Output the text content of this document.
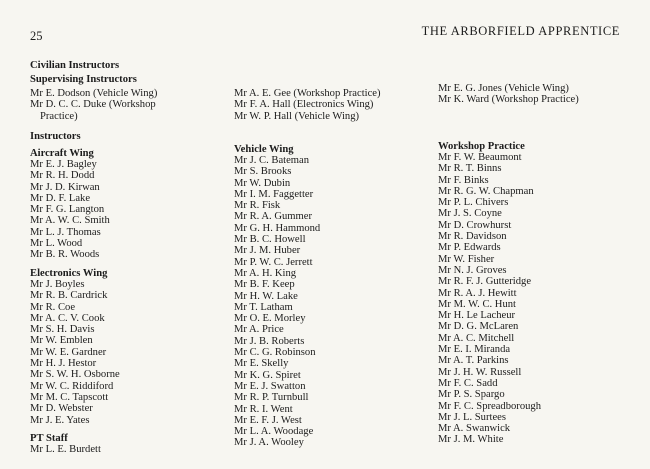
25	THE ARBORFIELD APPRENTICE
Civilian Instructors
Supervising Instructors
Mr E. Dodson (Vehicle Wing)
Mr D. C. C. Duke (Workshop
Practice)
Mr A. E. Gee (Workshop Practice)
Mr F. A. Hall (Electronics Wing)
Mr W. P. Hall (Vehicle Wing)
Mr E. G. Jones (Vehicle Wing)
Mr K. Ward (Workshop Practice)
Instructors
Aircraft Wing
Mr E. J. Bagley
Mr R. H. Dodd
Mr J. D. Kirwan
Mr D. F. Lake
Mr F. G. Langton
Mr A. W. C. Smith
Mr L. J. Thomas
Mr L. Wood
Mr B. R. Woods
Electronics Wing
Mr J. Boyles
Mr R. B. Cardrick
Mr R. Coe
Mr A. C. V. Cook
Mr S. H. Davis
Mr W. Emblen
Mr W. E. Gardner
Mr H. J. Hestor
Mr S. W. H. Osborne
Mr W. C. Riddiford
Mr M. C. Tapscott
Mr D. Webster
Mr J. E. Yates
PT Staff
Mr L. E. Burdett
Vehicle Wing
Mr J. C. Bateman
Mr S. Brooks
Mr W. Dubin
Mr I. M. Faggetter
Mr R. Fisk
Mr R. A. Gummer
Mr G. H. Hammond
Mr B. C. Howell
Mr J. M. Huber
Mr P. W. C. Jerrett
Mr A. H. King
Mr B. F. Keep
Mr H. W. Lake
Mr T. Latham
Mr O. E. Morley
Mr A. Price
Mr J. B. Roberts
Mr C. G. Robinson
Mr E. Skelly
Mr K. G. Spiret
Mr E. J. Swatton
Mr R. P. Turnbull
Mr R. I. Went
Mr E. F. J. West
Mr L. A. Woodage
Mr J. A. Wooley
Workshop Practice
Mr F. W. Beaumont
Mr R. T. Binns
Mr F. Binks
Mr R. G. W. Chapman
Mr P. L. Chivers
Mr J. S. Coyne
Mr D. Crowhurst
Mr R. Davidson
Mr P. Edwards
Mr W. Fisher
Mr N. J. Groves
Mr R. F. J. Gutteridge
Mr R. A. J. Hewitt
Mr M. W. C. Hunt
Mr H. Le Lacheur
Mr D. G. McLaren
Mr A. C. Mitchell
Mr E. I. Miranda
Mr A. T. Parkins
Mr J. H. W. Russell
Mr F. C. Sadd
Mr P. S. Spargo
Mr F. C. Spreadborough
Mr J. L. Surtees
Mr A. Swanwick
Mr J. M. White
